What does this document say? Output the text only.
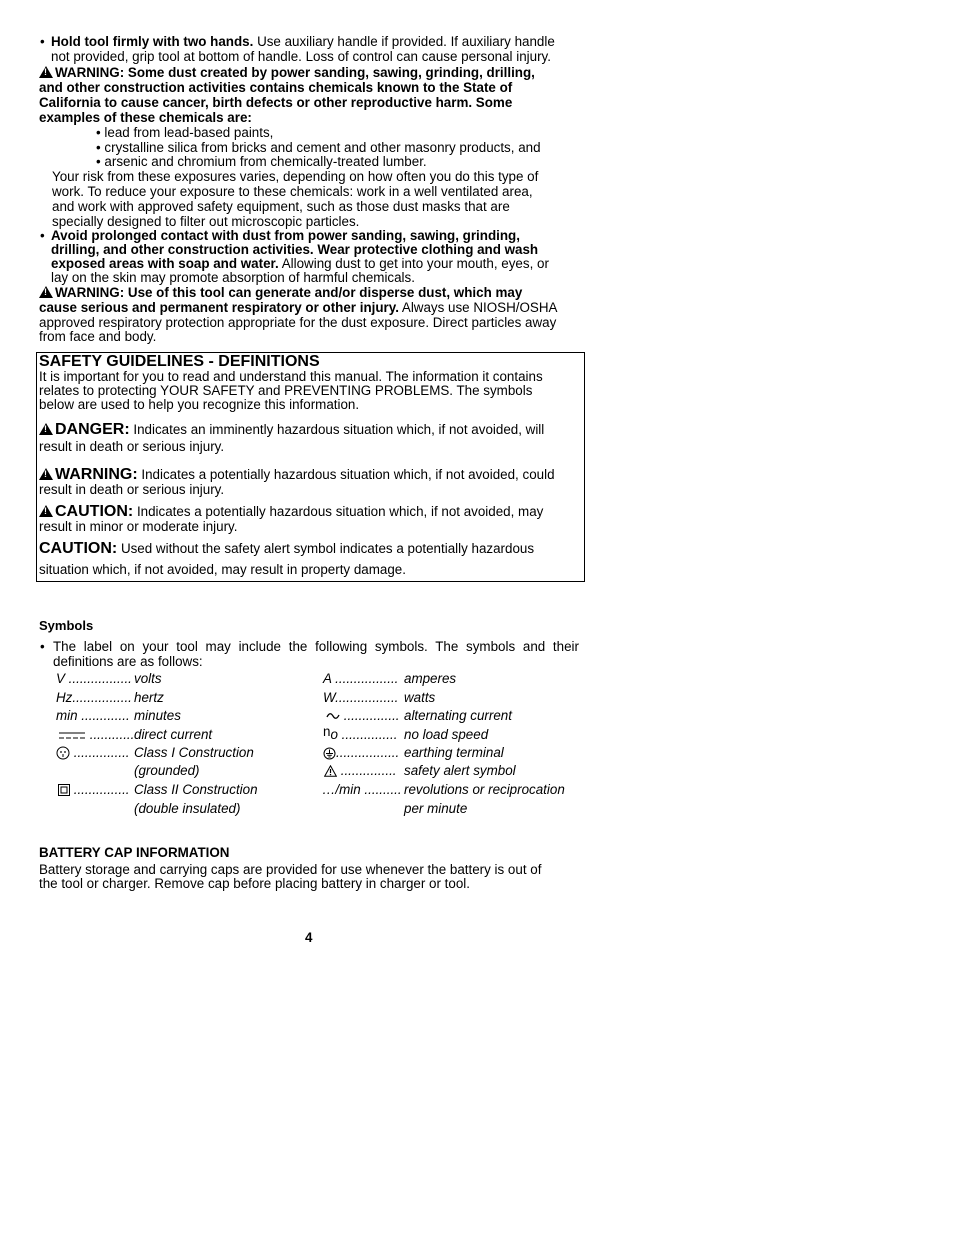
• Hold tool firmly with two hands. Use auxiliary handle if provided. If auxiliary handle
not provided, grip tool at bottom of handle. Loss of control can cause personal injury.
!WARNING: Some dust created by power sanding, sawing, grinding, drilling,
and other construction activities contains chemicals known to the State of
California to cause cancer, birth defects or other reproductive harm. Some
examples of these chemicals are:
• lead from lead-based paints,
• crystalline silica from bricks and cement and other masonry products, and
• arsenic and chromium from chemically-treated lumber.
Your risk from these exposures varies, depending on how often you do this type of
work. To reduce your exposure to these chemicals: work in a well ventilated area,
and work with approved safety equipment, such as those dust masks that are
specially designed to filter out microscopic particles.
• Avoid prolonged contact with dust from power sanding, sawing, grinding,
drilling, and other construction activities. Wear protective clothing and wash
exposed areas with soap and water. Allowing dust to get into your mouth, eyes, or
lay on the skin may promote absorption of harmful chemicals.
!WARNING: Use of this tool can generate and/or disperse dust, which may
cause serious and permanent respiratory or other injury. Always use NIOSH/OSHA
approved respiratory protection appropriate for the dust exposure. Direct particles away
from face and body.
SAFETY GUIDELINES - DEFINITIONS
It is important for you to read and understand this manual. The information it contains
relates to protecting YOUR SAFETY and PREVENTING PROBLEMS. The symbols
below are used to help you recognize this information.
!DANGER: Indicates an imminently hazardous situation which, if not avoided, will
result in death or serious injury.
!WARNING: Indicates a potentially hazardous situation which, if not avoided, could
result in death or serious injury.
!CAUTION: Indicates a potentially hazardous situation which, if not avoided, may
result in minor or moderate injury.
CAUTION: Used without the safety alert symbol indicates a potentially hazardous
situation which, if not avoided, may result in property damage.
Symbols
• The label on your tool may include the following symbols. The symbols and their
definitions are as follows:
V ................. volts
Hz................ hertz
min ............. minutes
............ direct current
............... Class I Construction
(grounded)
............... Class II Construction
(double insulated)
A ................. amperes
W................. watts
............... alternating current
no ............... no load speed
................. earthing terminal
............... safety alert symbol
…/min .......... revolutions or reciprocation
per minute
BATTERY CAP INFORMATION
Battery storage and carrying caps are provided for use whenever the battery is out of
the tool or charger. Remove cap before placing battery in charger or tool.
4
